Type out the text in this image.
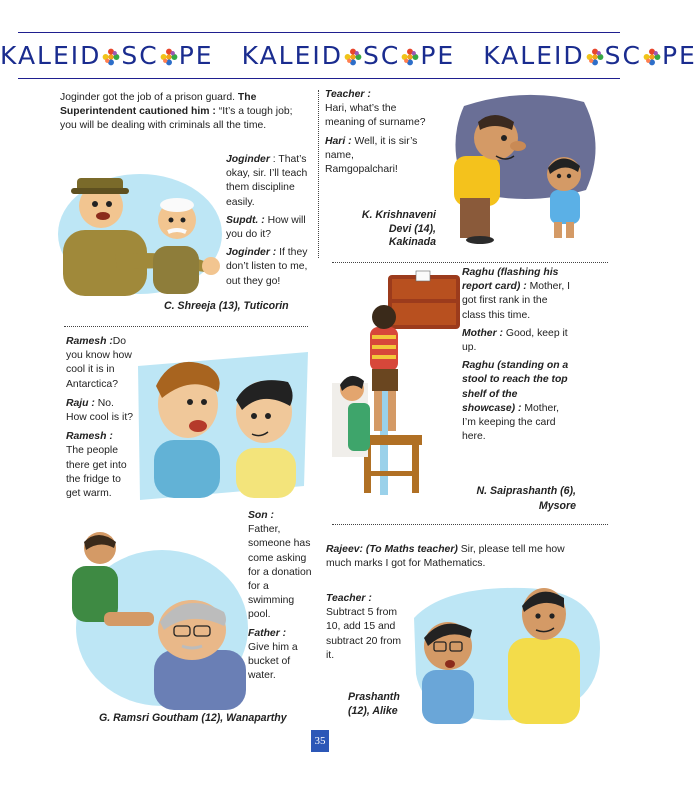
KALEID SC PE KALEID SC PE KALEID SC PE
Joginder got the job of a prison guard. The Superintendent cautioned him : “It’s a tough job; you will be dealing with criminals all the time.

Joginder : That’s okay, sir. I’ll teach them discipline easily.

Supdt. : How will you do it?

Joginder : If they don’t listen to me, out they go!

C. Shreeja (13), Tuticorin

Teacher :
Hari, what’s the meaning of surname?

Hari : Well, it is sir’s name, Ramgopalchari!

K. Krishnaveni
Devi (14),
Kakinada

Ramesh :Do you know how cool it is in Antarctica?

Raju : No. How cool is it?

Ramesh :
The people there get into the fridge to get warm.

Raghu (flashing his report card) : Mother, I got first rank in the class this time.

Mother : Good, keep it up.

Raghu (standing on a stool to reach the top shelf of the showcase) : Mother, I’m keeping the card here.

N. Saiprashanth (6),
Mysore

Son :
Father, someone has come asking for a donation for a swimming pool.

Father :
Give him a bucket of water.

G. Ramsri Goutham (12), Wanaparthy
Rajeev: (To Maths teacher) Sir, please tell me how much marks I got for Mathematics.

Teacher :
Subtract 5 from 10, add 15 and subtract 20 from it.

Prashanth
(12), Alike
35
